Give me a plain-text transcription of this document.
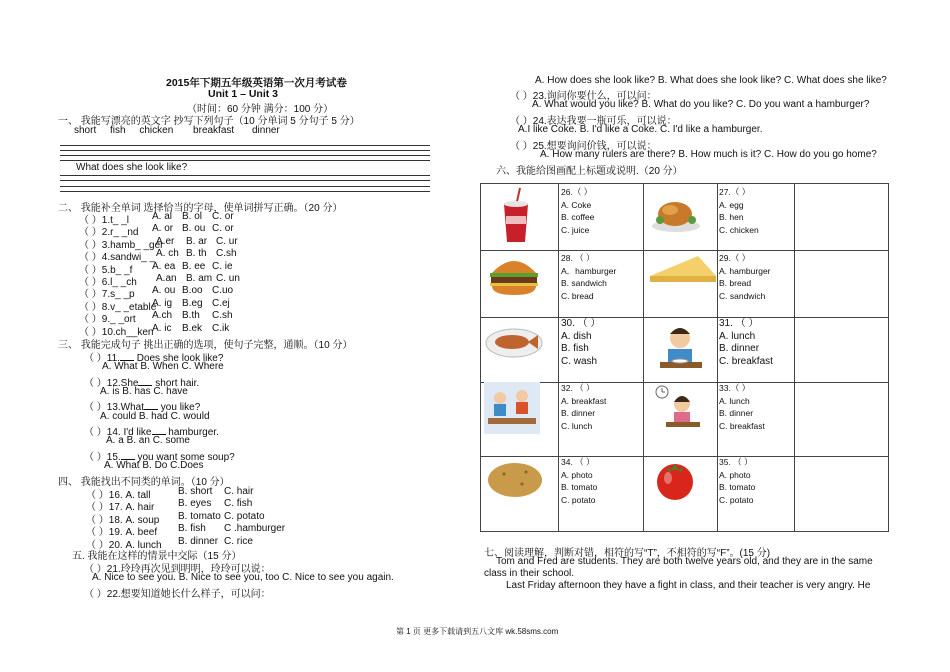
2015年下期五年级英语第一次月考试卷
Unit 1 – Unit 3
（时间：60 分钟 满分：100 分）
一、 我能写漂亮的英文字 抄写下列句子（10 分单词 5 分句子 5 分）
short fish chicken breakfast dinner
What does she look like?
二、 我能补全单词 选择恰当的字母，使单词拼写正确。（20 分）
（ ）1.t_ _l A. al B. ol C. or
（ ）2.r_ _nd A. or B. ou C. or
（ ）3.hamb_ _ger
A.er B. ar C. ur
（ ）4.sandwi_ _ A. ch B. th C.sh
（ ）5.b_ _f A. ea B. ee C. ie
（ ）6.l_ _ch A.an B. am C. un
（ ）7.s_ _p A. ou B.oo C.uo
（ ）8.v_ _etable
A. ig B.eg C.ej
（ ）9._ _ort A.ch B.th C.sh
（ ）10.ch__ken
A. ic B.ek C.ik
三、 我能完成句子 挑出正确的选项，使句子完整，通顺。（10 分）
（ ）11. Does she look like?
A. What B. When C. Where
（ ）12.She short hair.
A. is B. has C. have
（ ）13.What you like?
A. could B. had C. would
（ ）14. I'd like hamburger.
A. a B. an C. some
（ ）15. you want some soup?
A. What B. Do C.Does
四、 我能找出不同类的单词。（10 分）
（ ）16. A. tall	B. short C. hair
（ ）17. A. hair B. eyes C. fish
（ ）18. A. soup B. tomato C. potato
（ ）19. A. beef B. fish C .hamburger
（ ）20. A. lunch B. dinner C. rice
五. 我能在这样的情景中交际（15 分）
（ ）21.玲玲再次见到明明，玲玲可以说：
A. Nice to see you. B. Nice to see you, too C. Nice to see you again.
（ ）22.想要知道她长什么样子，可以问：
A. How does she look like? B. What does she look like? C. What does she like?
（ ）23.询问你要什么，可以问：
A. What would you like? B. What do you like? C. Do you want a hamburger?
（ ）24.表达我要一瓶可乐，可以说：
A.I like Coke. B. I'd like a Coke. C. I'd like a hamburger.
（ ）25.想要询问价钱，可以说：
A. How many rulers are there? B. How much is it? C. How do you go home?
六、我能给图画配上标题或说明.（20 分）
26.（ ）
A. Coke
B. coffee
C. juice
27.（ ）
A. egg
B. hen
C. chicken
28. （ ）
A．hamburger
B. sandwich
C. bread
29.（ ）
A. hamburger
B. bread
C. sandwich
30. （ ）
A. dish
B. fish
C. wash
31. （ ）
A. lunch
B. dinner
C. breakfast
32. （ ）
A. breakfast
B. dinner
C. lunch
33.（ ）
A. lunch
B. dinner
C. breakfast
34. （ ）
A. photo
B. tomato
C. potato
35. （ ）
A. photo
B. tomato
C. potato
七、阅读理解，判断对错，相符的写“T”，不相符的写“F”。(15 分)
Tom and Fred are students. They are both twelve years old, and they are in the same
class in their school.
Last Friday afternoon they have a fight in class, and their teacher is very angry. He
第 1 页 更多下载请到五八文库 wk.58sms.com
